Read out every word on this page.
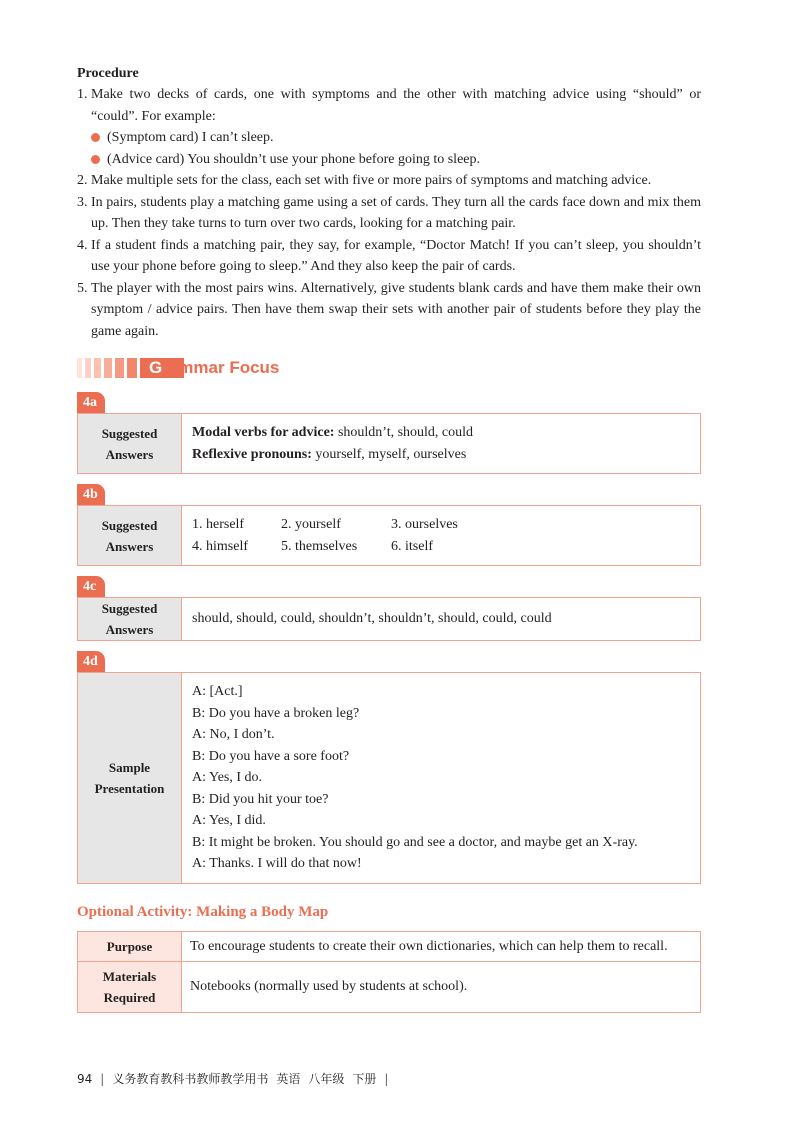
Procedure
1. Make two decks of cards, one with symptoms and the other with matching advice using “should” or “could”. For example:
(Symptom card) I can’t sleep.
(Advice card) You shouldn’t use your phone before going to sleep.
2. Make multiple sets for the class, each set with five or more pairs of symptoms and matching advice.
3. In pairs, students play a matching game using a set of cards. They turn all the cards face down and mix them up. Then they take turns to turn over two cards, looking for a matching pair.
4. If a student finds a matching pair, they say, for example, “Doctor Match! If you can’t sleep, you shouldn’t use your phone before going to sleep.” And they also keep the pair of cards.
5. The player with the most pairs wins. Alternatively, give students blank cards and have them make their own symptom / advice pairs. Then have them swap their sets with another pair of students before they play the game again.
Grammar Focus
4a
Suggested
Answers
Modal verbs for advice: shouldn’t, should, could
Reflexive pronouns: yourself, myself, ourselves
4b
Suggested
Answers
1. herself	2. yourself	3. ourselves
4. himself	5. themselves	6. itself
4c
Suggested
Answers
should, should, could, shouldn’t, shouldn’t, should, could, could
4d
Sample
Presentation
A: [Act.]
B: Do you have a broken leg?
A: No, I don’t.
B: Do you have a sore foot?
A: Yes, I do.
B: Did you hit your toe?
A: Yes, I did.
B: It might be broken. You should go and see a doctor, and maybe get an X-ray.
A: Thanks. I will do that now!
Optional Activity: Making a Body Map
Purpose	To encourage students to create their own dictionaries, which can help them to recall.
Materials
Required
Notebooks (normally used by students at school).
94 | 义务教育教科书教师教学用书 英语 八年级 下册 |
